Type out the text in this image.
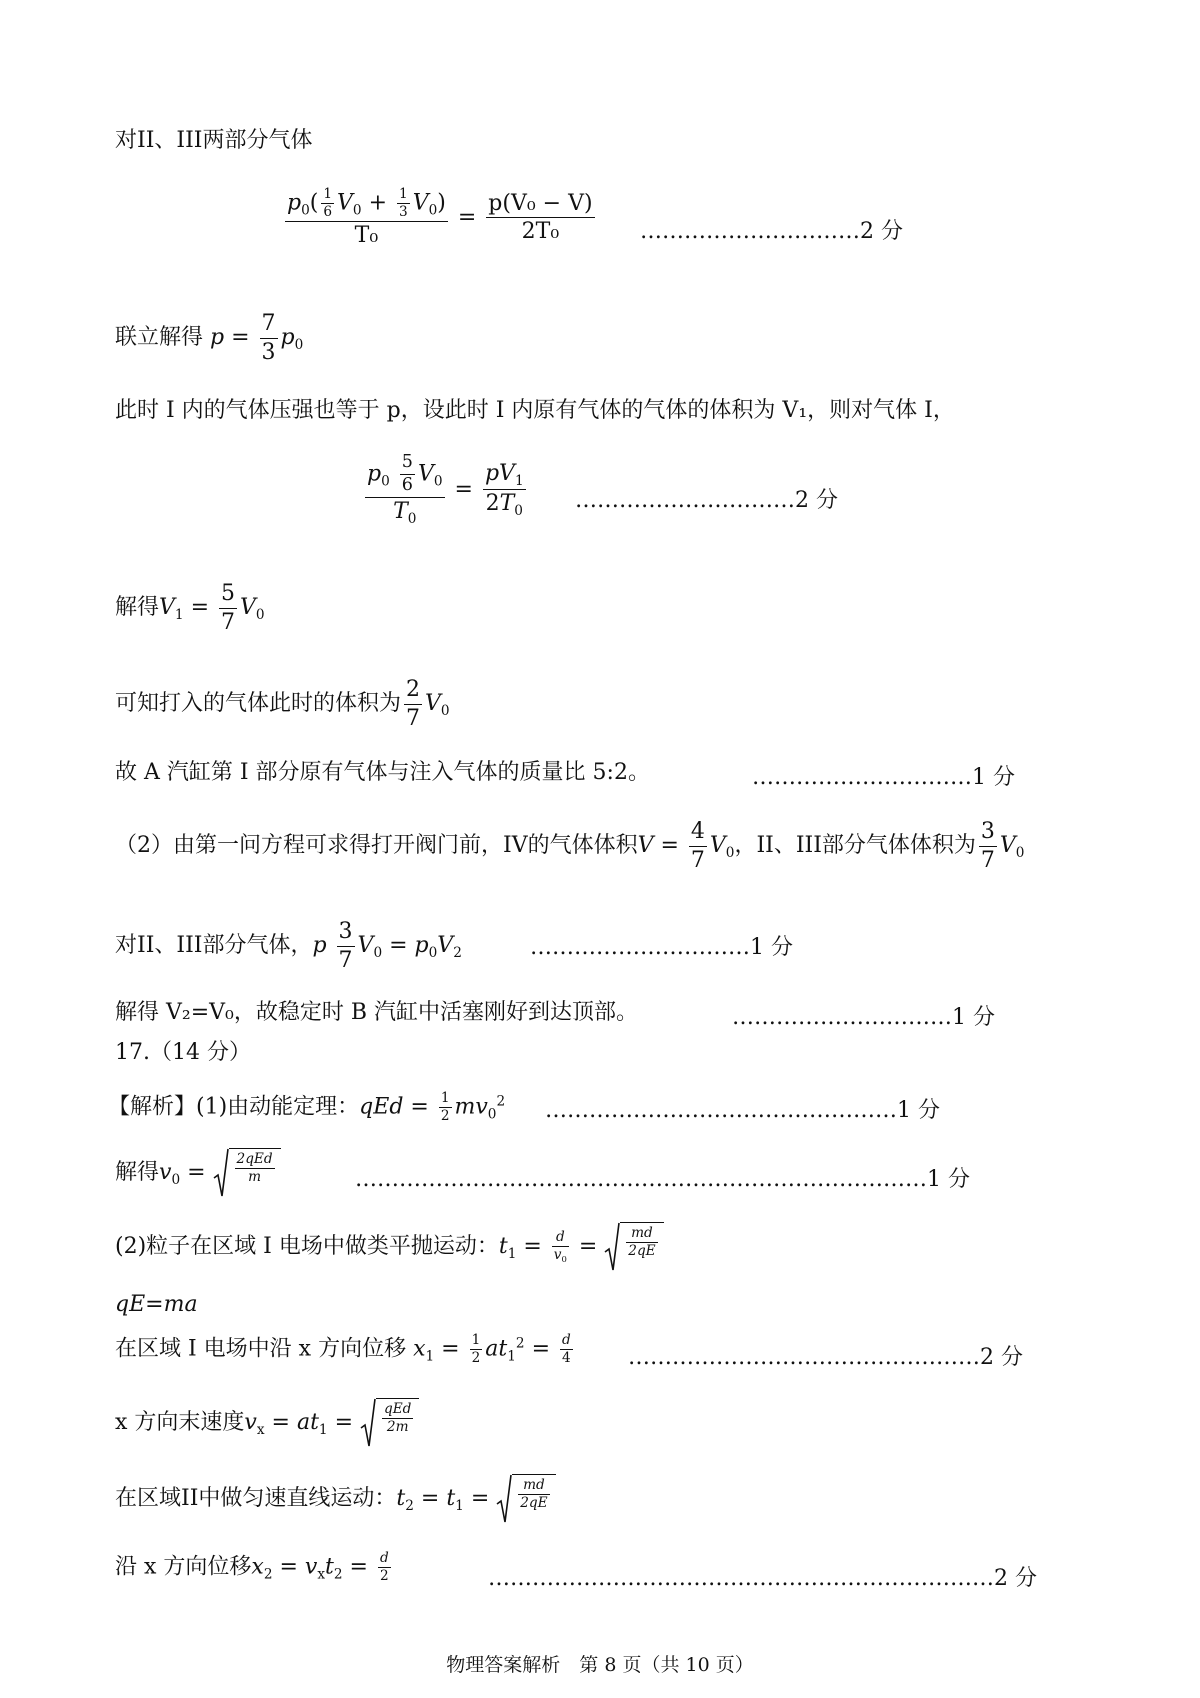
对II、III两部分气体
$\frac{p_0( \frac{1}{6} V_0 + \frac{1}{3} V_0)}{\text{T₀}} = \frac{\text{p(V₀ − V)}}{\text{2T₀}}$ …………………………2 分
联立解得 $p = \frac{7}{3} p_0$
此时 I 内的气体压强也等于 p，设此时 I 内原有气体的气体的体积为 V₁，则对气体 I，
$\frac{p_0 \frac{5}{6} V_0}{T_0} = \frac{pV_1}{2T_0}$ …………………………2 分
解得$V_1 = \frac{5}{7} V_0$
可知打入的气体此时的体积为 $\frac{2}{7} V_0$
故 A 汽缸第 I 部分原有气体与注入气体的质量比 5:2。	…………………………1 分
（2）由第一问方程可求得打开阀门前，IV的气体体积$V = \frac{4}{7} V_0$，II、III部分气体体积为 $\frac{3}{7} V_0$
对II、III部分气体，p $\frac{3}{7} V_0 = p_0V_2$	…………………………1 分
解得 V₂=V₀，故稳定时 B 汽缸中活塞刚好到达顶部。	…………………………1 分
17.（14 分）
【解析】(1)由动能定理：qEd = $\frac{1}{2} mv_0^2$ …………………………………………1 分
解得$v_0 = \frac{\text{2qEd}}{m}$	……………………………………………………………………1 分
(2)粒子在区域 I 电场中做类平抛运动：$t_1 = \frac{d}{v_0} = \frac{md}{2qE}$
qE=ma
在区域 I 电场中沿 x 方向位移 $x_1 = \frac{1}{2} at_1^2 = \frac{d}{4}$	…………………………………………2 分
x 方向末速度$v_x = at_1 = \frac{\text{qEd}}{2m}$
在区域II中做匀速直线运动：$t_2 = t_1 = \frac{md}{2qE}$
沿 x 方向位移$x_2 = v_xt_2 = \frac{d}{2}$	……………………………………………………………2 分
物理答案解析　第 8 页（共 10 页）
